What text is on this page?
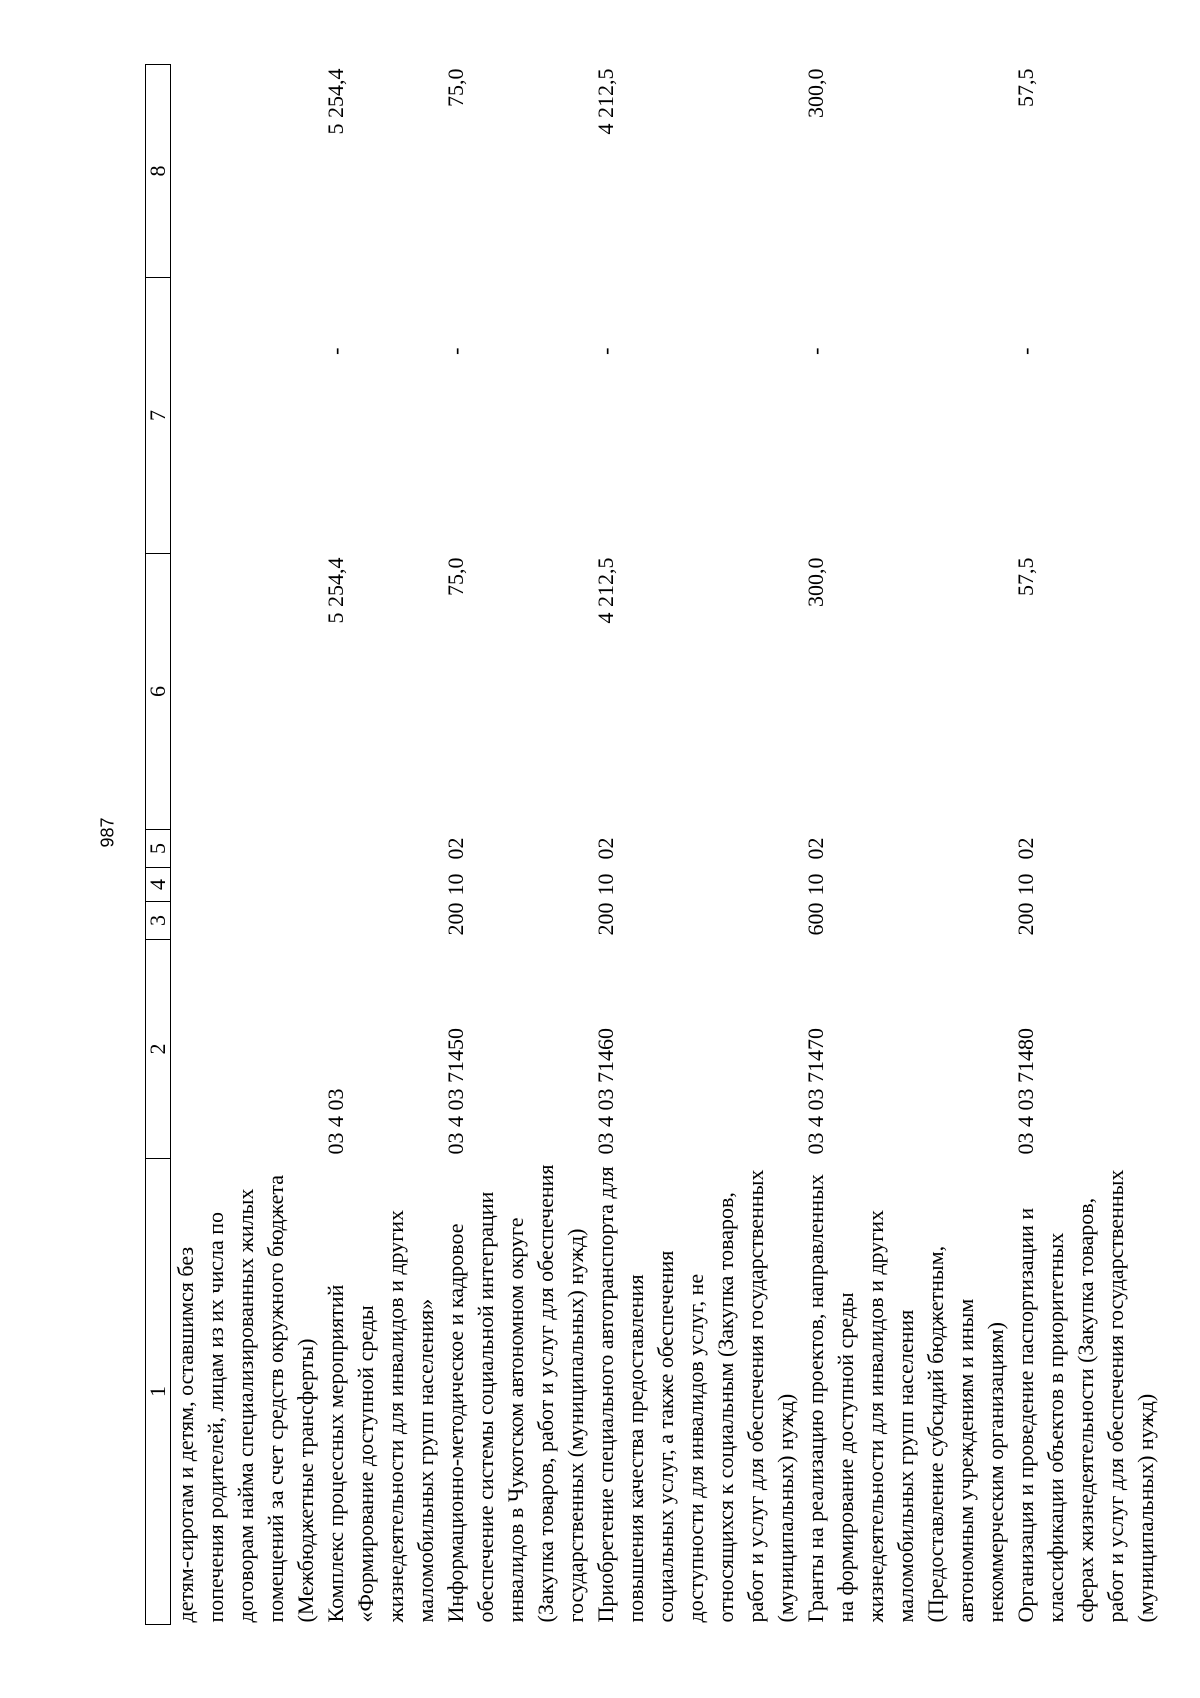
987
1	2	3	4	5	6	7	8
детям-сиротам и детям, оставшимся без попечения родителей, лицам из их числа по договорам найма специализированных жилых помещений за счет средств окружного бюджета (Межбюджетные трансферты)							
Комплекс процессных мероприятий «Формирование доступной среды жизнедеятельности для инвалидов и других маломобильных групп населения»	03 4 03				5 254,4	-	5 254,4
Информационно-методическое и кадровое обеспечение системы социальной интеграции инвалидов в Чукотском автономном округе (Закупка товаров, работ и услуг для обеспечения государственных (муниципальных) нужд)	03 4 03 71450	200	10	02	75,0	-	75,0
Приобретение специального автотранспорта для повышения качества предоставления социальных услуг, а также обеспечения доступности для инвалидов услуг, не относящихся к социальным (Закупка товаров, работ и услуг для обеспечения государственных (муниципальных) нужд)	03 4 03 71460	200	10	02	4 212,5	-	4 212,5
Гранты на реализацию проектов, направленных на формирование доступной среды жизнедеятельности для инвалидов и других маломобильных групп населения (Предоставление субсидий бюджетным, автономным учреждениям и иным некоммерческим организациям)	03 4 03 71470	600	10	02	300,0	-	300,0
Организация и проведение паспортизации и классификации объектов в приоритетных сферах жизнедеятельности (Закупка товаров, работ и услуг для обеспечения государственных (муниципальных) нужд)	03 4 03 71480	200	10	02	57,5	-	57,5
